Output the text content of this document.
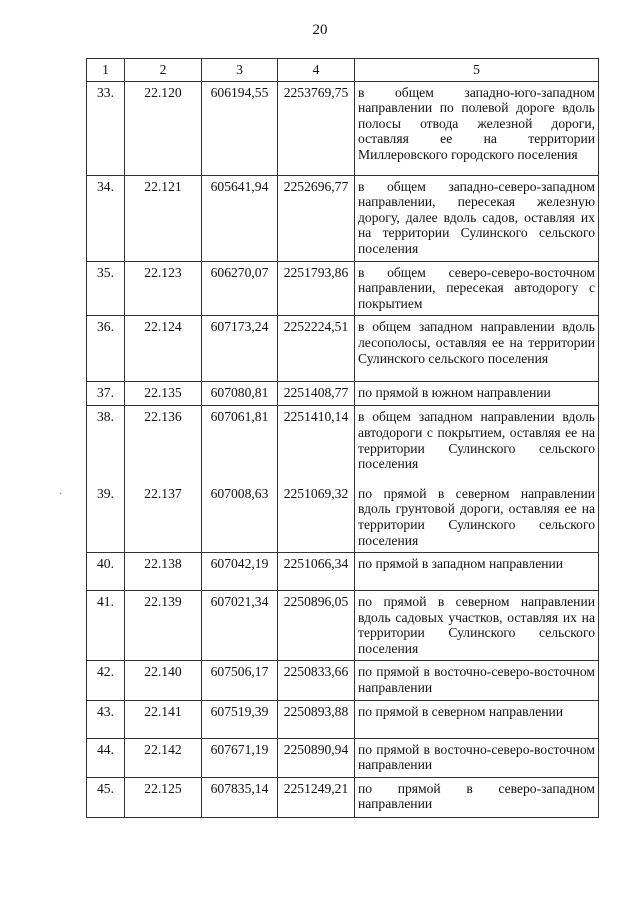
20
·
1	2	3	4	5
33.	22.120	606194,55	2253769,75	в общем западно-юго-западном направлении по полевой дороге вдоль полосы отвода железной дороги, оставляя ее на территории Миллеровского городского поселения
34.	22.121	605641,94	2252696,77	в общем западно-северо-западном направлении, пересекая железную дорогу, далее вдоль садов, оставляя их на территории Сулинского сельского поселения
35.	22.123	606270,07	2251793,86	в общем северо-северо-восточном направлении, пересекая автодорогу с покрытием
36.	22.124	607173,24	2252224,51	в общем западном направлении вдоль лесополосы, оставляя ее на территории Сулинского сельского поселения
37.	22.135	607080,81	2251408,77	по прямой в южном направлении
38.	22.136	607061,81	2251410,14	в общем западном направлении вдоль автодороги с покрытием, оставляя ее на территории Сулинского сельского поселения
39.	22.137	607008,63	2251069,32	по прямой в северном направлении вдоль грунтовой дороги, оставляя ее на территории Сулинского сельского поселения
40.	22.138	607042,19	2251066,34	по прямой в западном направлении
41.	22.139	607021,34	2250896,05	по прямой в северном направлении вдоль садовых участков, оставляя их на территории Сулинского сельского поселения
42.	22.140	607506,17	2250833,66	по прямой в восточно-северо-восточном направлении
43.	22.141	607519,39	2250893,88	по прямой в северном направлении
44.	22.142	607671,19	2250890,94	по прямой в восточно-северо-восточном направлении
45.	22.125	607835,14	2251249,21	по прямой в северо-западном направлении
